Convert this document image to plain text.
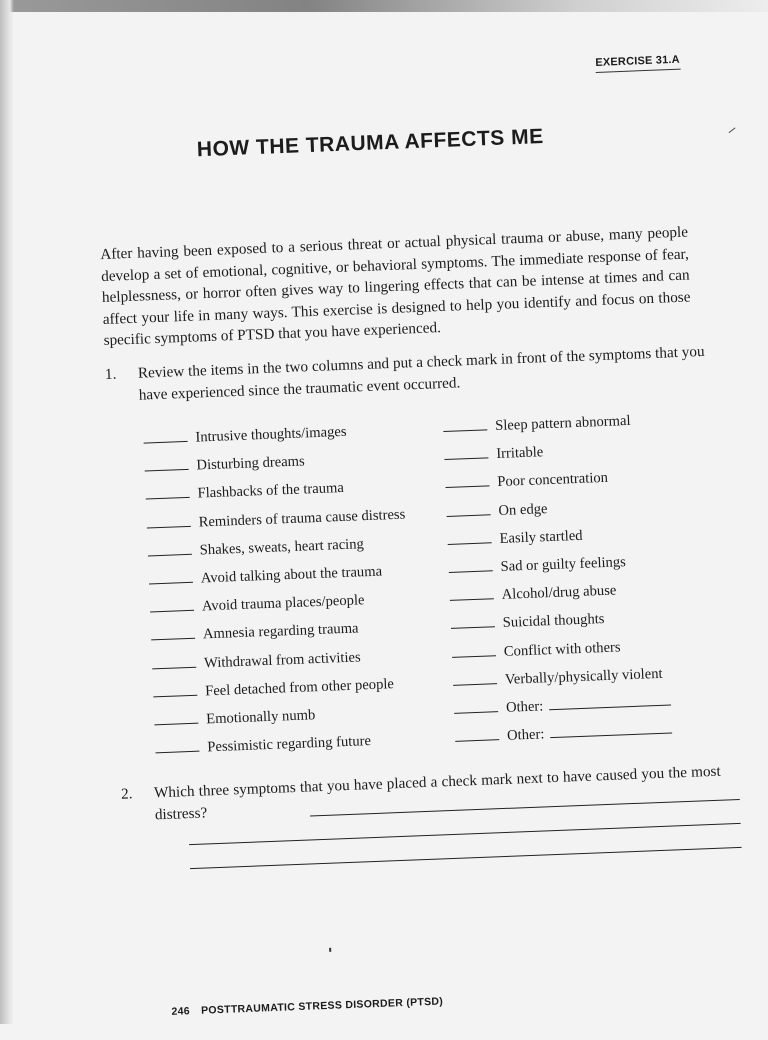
EXERCISE 31.A
HOW THE TRAUMA AFFECTS ME
After having been exposed to a serious threat or actual physical trauma or abuse, many people develop a set of emotional, cognitive, or behavioral symptoms. The immediate response of fear, helplessness, or horror often gives way to lingering effects that can be intense at times and can affect your life in many ways. This exercise is designed to help you identify and focus on those specific symptoms of PTSD that you have experienced.
1. Review the items in the two columns and put a check mark in front of the symptoms that you have experienced since the traumatic event occurred.
Intrusive thoughts/images
Disturbing dreams
Flashbacks of the trauma
Reminders of trauma cause distress
Shakes, sweats, heart racing
Avoid talking about the trauma
Avoid trauma places/people
Amnesia regarding trauma
Withdrawal from activities
Feel detached from other people
Emotionally numb
Pessimistic regarding future
Sleep pattern abnormal
Irritable
Poor concentration
On edge
Easily startled
Sad or guilty feelings
Alcohol/drug abuse
Suicidal thoughts
Conflict with others
Verbally/physically violent
Other:
Other:
2. Which three symptoms that you have placed a check mark next to have caused you the most distress?
246 POSTTRAUMATIC STRESS DISORDER (PTSD)
